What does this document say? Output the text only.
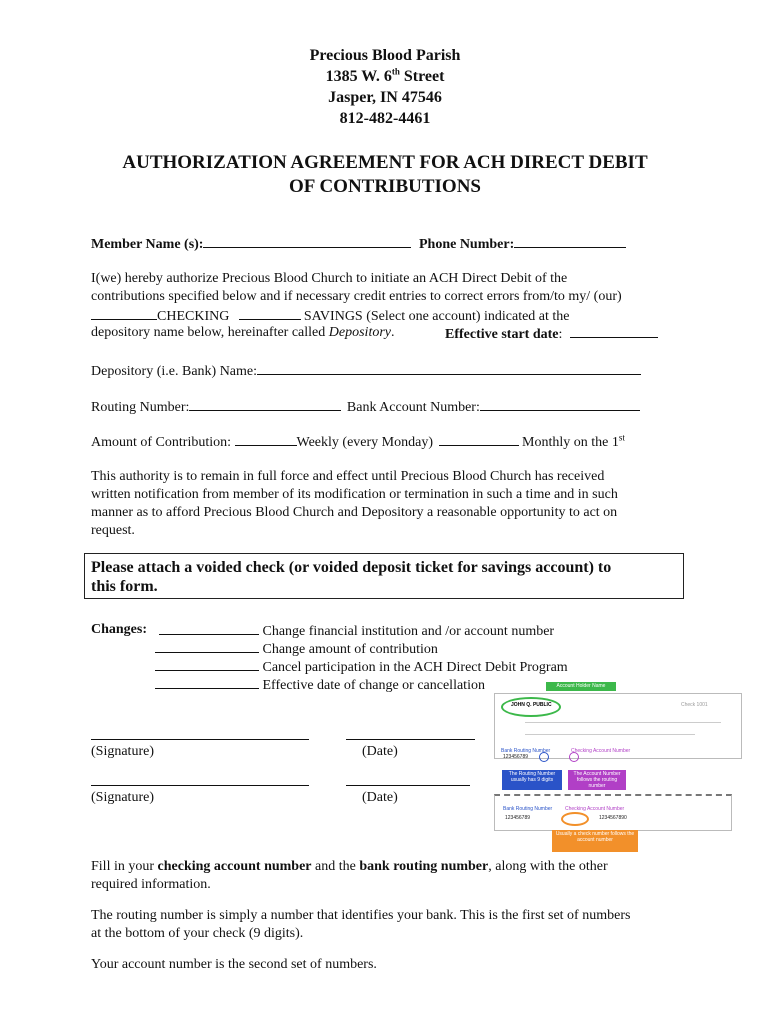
Precious Blood Parish
1385 W. 6th Street
Jasper, IN 47546
812-482-4461
AUTHORIZATION AGREEMENT FOR ACH DIRECT DEBIT
OF CONTRIBUTIONS
Member Name (s):	Phone Number:
I(we) hereby authorize Precious Blood Church to initiate an ACH Direct Debit of the
contributions specified below and if necessary credit entries to correct errors from/to my/ (our)
CHECKING	SAVINGS (Select one account) indicated at the
depository name below, hereinafter called Depository.	Effective start date:
Depository (i.e. Bank) Name:
Routing Number:	Bank Account Number:
Amount of Contribution:	Weekly (every Monday)	Monthly on the 1st
This authority is to remain in full force and effect until Precious Blood Church has received
written notification from member of its modification or termination in such a time and in such
manner as to afford Precious Blood Church and Depository a reasonable opportunity to act on
request.
Please attach a voided check (or voided deposit ticket for savings account) to
this form.
Changes:	Change financial institution and /or account number
Change amount of contribution
Cancel participation in the ACH Direct Debit Program
Effective date of change or cancellation
(Signature)	(Date)
(Signature)	(Date)
Account Holder Name
JOHN Q. PUBLIC	Check 1001
Bank Routing Number	Checking Account Number
123456789
The Routing Number usually has 9 digits
The Account Number follows the routing number
Bank Routing Number	Checking Account Number
123456789	1234567890
Usually a check number follows the account number
Fill in your checking account number and the bank routing number, along with the other
required information.
The routing number is simply a number that identifies your bank. This is the first set of numbers
at the bottom of your check (9 digits).
Your account number is the second set of numbers.
